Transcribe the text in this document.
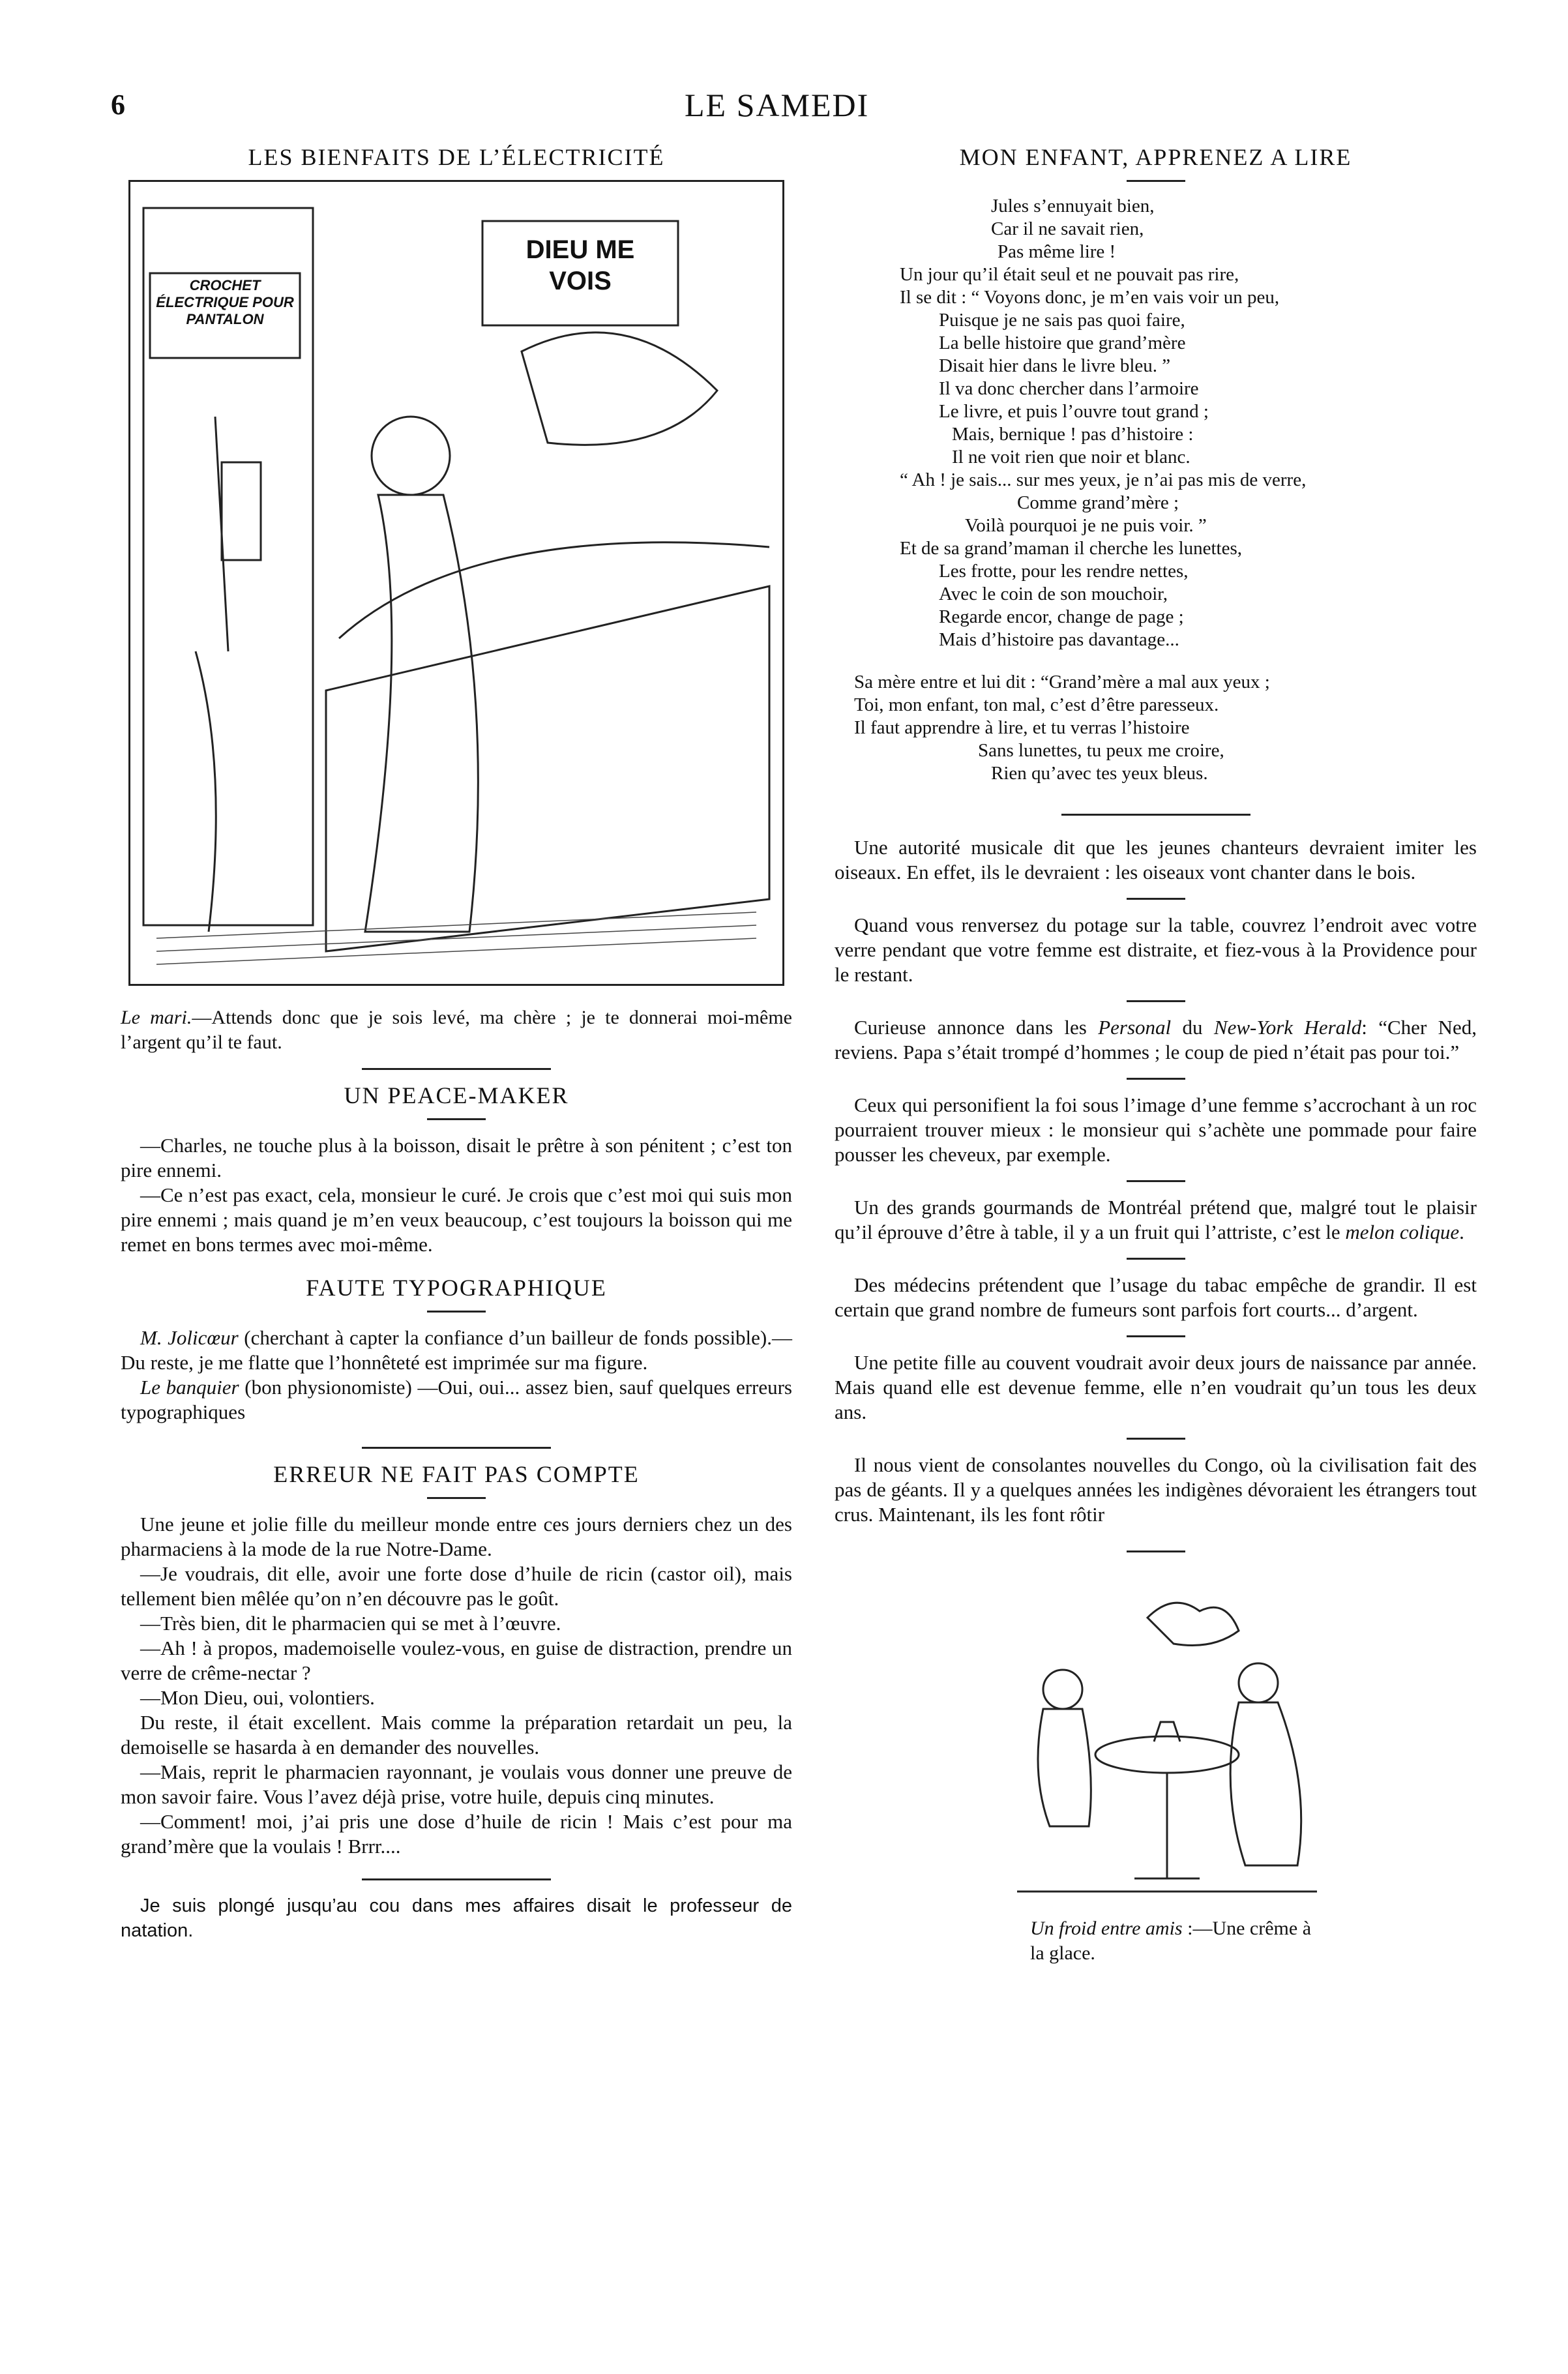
6	LE SAMEDI
LES BIENFAITS DE L’ÉLECTRICITÉ
CROCHET ÉLECTRIQUE POUR PANTALON
DIEU ME VOIS

Le mari.—Attends donc que je sois levé, ma chère ; je te donnerai moi-même l’argent qu’il te faut.

UN PEACE-MAKER

—Charles, ne touche plus à la boisson, disait le prêtre à son pénitent ; c’est ton pire ennemi.

—Ce n’est pas exact, cela, monsieur le curé. Je crois que c’est moi qui suis mon pire ennemi ; mais quand je m’en veux beaucoup, c’est toujours la boisson qui me remet en bons termes avec moi-même.

FAUTE TYPOGRAPHIQUE

M. Jolicœur (cherchant à capter la confiance d’un bailleur de fonds possible).—Du reste, je me flatte que l’honnêteté est imprimée sur ma figure.

Le banquier (bon physionomiste) —Oui, oui... assez bien, sauf quelques erreurs typographiques

ERREUR NE FAIT PAS COMPTE

Une jeune et jolie fille du meilleur monde entre ces jours derniers chez un des pharmaciens à la mode de la rue Notre-Dame.

—Je voudrais, dit elle, avoir une forte dose d’huile de ricin (castor oil), mais tellement bien mêlée qu’on n’en découvre pas le goût.

—Très bien, dit le pharmacien qui se met à l’œuvre.

—Ah ! à propos, mademoiselle voulez-vous, en guise de distraction, prendre un verre de crême-nectar ?

—Mon Dieu, oui, volontiers.

Du reste, il était excellent. Mais comme la préparation retardait un peu, la demoiselle se hasarda à en demander des nouvelles.

—Mais, reprit le pharmacien rayonnant, je voulais vous donner une preuve de mon savoir faire. Vous l’avez déjà prise, votre huile, depuis cinq minutes.

—Comment! moi, j’ai pris une dose d’huile de ricin ! Mais c’est pour ma grand’mère que la voulais ! Brrr....

Je suis plongé jusqu’au cou dans mes affaires disait le professeur de natation.

MON ENFANT, APPRENEZ A LIRE
Jules s’ennuyait bien,
Car il ne savait rien,
Pas même lire !
Un jour qu’il était seul et ne pouvait pas rire,
Il se dit : “ Voyons donc, je m’en vais voir un peu,
Puisque je ne sais pas quoi faire,
La belle histoire que grand’mère
Disait hier dans le livre bleu. ”
Il va donc chercher dans l’armoire
Le livre, et puis l’ouvre tout grand ;
Mais, bernique ! pas d’histoire :
Il ne voit rien que noir et blanc.
“ Ah ! je sais... sur mes yeux, je n’ai pas mis de verre,
Comme grand’mère ;
Voilà pourquoi je ne puis voir. ”
Et de sa grand’maman il cherche les lunettes,
Les frotte, pour les rendre nettes,
Avec le coin de son mouchoir,
Regarde encor, change de page ;
Mais d’histoire pas davantage...
Sa mère entre et lui dit : “Grand’mère a mal aux yeux ;
Toi, mon enfant, ton mal, c’est d’être paresseux.
Il faut apprendre à lire, et tu verras l’histoire
Sans lunettes, tu peux me croire,
Rien qu’avec tes yeux bleus.

Une autorité musicale dit que les jeunes chanteurs devraient imiter les oiseaux. En effet, ils le devraient : les oiseaux vont chanter dans le bois.

Quand vous renversez du potage sur la table, couvrez l’endroit avec votre verre pendant que votre femme est distraite, et fiez-vous à la Providence pour le restant.

Curieuse annonce dans les Personal du New-York Herald: “Cher Ned, reviens. Papa s’était trompé d’hommes ; le coup de pied n’était pas pour toi.”

Ceux qui personifient la foi sous l’image d’une femme s’accrochant à un roc pourraient trouver mieux : le monsieur qui s’achète une pommade pour faire pousser les cheveux, par exemple.

Un des grands gourmands de Montréal prétend que, malgré tout le plaisir qu’il éprouve d’être à table, il y a un fruit qui l’attriste, c’est le melon colique.

Des médecins prétendent que l’usage du tabac empêche de grandir. Il est certain que grand nombre de fumeurs sont parfois fort courts... d’argent.

Une petite fille au couvent voudrait avoir deux jours de naissance par année. Mais quand elle est devenue femme, elle n’en voudrait qu’un tous les deux ans.

Il nous vient de consolantes nouvelles du Congo, où la civilisation fait des pas de géants. Il y a quelques années les indigènes dévoraient les étrangers tout crus. Maintenant, ils les font rôtir

Un froid entre amis :—Une crême à la glace.
